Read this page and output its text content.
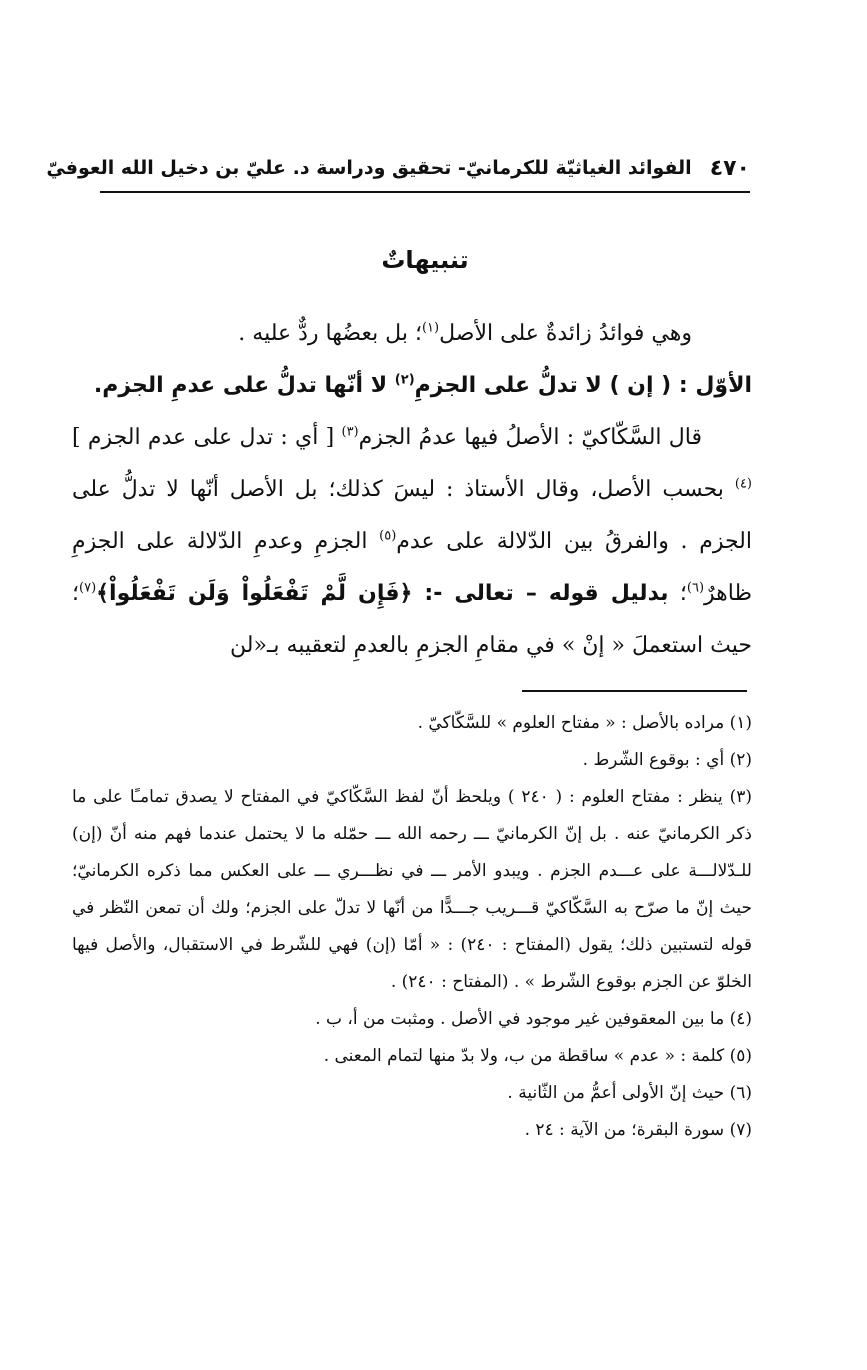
٤٧٠
الفوائد الغياثيّة للكرمانيّ- تحقيق ودراسة د. عليّ بن دخيل الله العوفيّ
تنبيهاتٌ

وهي فوائدُ زائدةٌ على الأصل$^{(١)}$؛ بل بعضُها ردٌّ عليه .

الأوّل : ( إن ) لا تدلُّ على الجزمِ$^{(٢)}$ لا أنّها تدلُّ على عدمِ الجزم.

قال السَّكّاكيّ : الأصلُ فيها عدمُ الجزم$^{(٣)}$ [ أي : تدل على عدم الجزم ]$^{(٤)}$ بحسب الأصل، وقال الأستاذ : ليسَ كذلك؛ بل الأصل أنّها لا تدلُّ على الجزم . والفرقُ بين الدّلالة على عدم$^{(٥)}$ الجزمِ وعدمِ الدّلالة على الجزمِ ظاهرٌ$^{(٦)}$؛ بدليل قوله – تعالى -: ﴿فَإِن لَّمْ تَفْعَلُواْ وَلَن تَفْعَلُواْ﴾$^{(٧)}$؛ حيث استعملَ « إنْ » في مقامِ الجزمِ بالعدمِ لتعقيبه بـ«لن

(١) مراده بالأصل : « مفتاح العلوم » للسَّكّاكيّ .

(٢) أي : بوقوع الشّرط .

(٣) ينظر : مفتاح العلوم : ( ٢٤٠ ) ويلحظ أنّ لفظ السَّكّاكيّ في المفتاح لا يصدق تمامـًا على ما ذكر الكرمانيّ عنه . بل إنّ الكرمانيّ ـــ رحمه الله ـــ حمّله ما لا يحتمل عندما فهم منه أنّ (إن) للـدّلالـــة على عـــدم الجزم . ويبدو الأمر ـــ في نظـــري ـــ على العكس مما ذكره الكرمانيّ؛ حيث إنّ ما صرّح به السَّكّاكيّ قـــريب جـــدًّا من أنّها لا تدلّ على الجزم؛ ولك أن تمعن النّظر في قوله لتستبين ذلك؛ يقول (المفتاح : ٢٤٠) : « أمّا (إن) فهي للشّرط في الاستقبال، والأصل فيها الخلوّ عن الجزم بوقوع الشّرط » . (المفتاح : ٢٤٠) .

(٤) ما بين المعقوفين غير موجود في الأصل . ومثبت من أ، ب .

(٥) كلمة : « عدم » ساقطة من ب، ولا بدّ منها لتمام المعنى .

(٦) حيث إنّ الأولى أعمُّ من الثّانية .

(٧) سورة البقرة؛ من الآية : ٢٤ .
